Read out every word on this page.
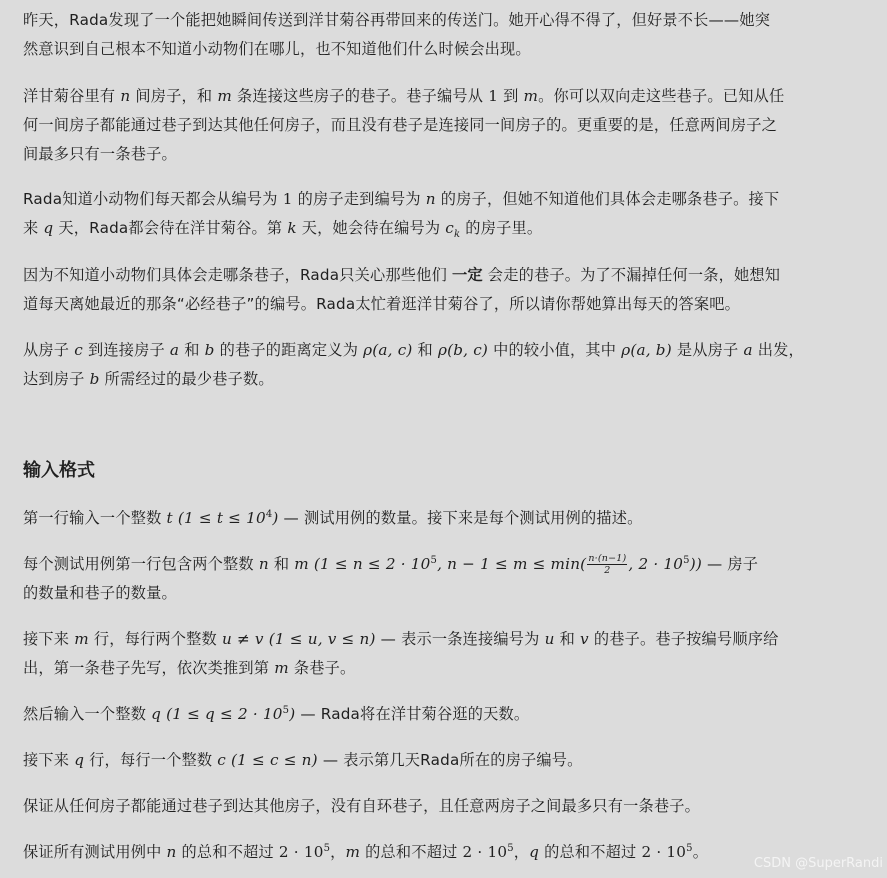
昨天，Rada发现了一个能把她瞬间传送到洋甘菊谷再带回来的传送门。她开心得不得了，但好景不长——她突

然意识到自己根本不知道小动物们在哪儿，也不知道他们什么时候会出现。

洋甘菊谷里有 n 间房子，和 m 条连接这些房子的巷子。巷子编号从 1 到 m。你可以双向走这些巷子。已知从任

何一间房子都能通过巷子到达其他任何房子，而且没有巷子是连接同一间房子的。更重要的是，任意两间房子之

间最多只有一条巷子。

Rada知道小动物们每天都会从编号为 1 的房子走到编号为 n 的房子，但她不知道他们具体会走哪条巷子。接下

来 q 天，Rada都会待在洋甘菊谷。第 k 天，她会待在编号为 $c_k$ 的房子里。

因为不知道小动物们具体会走哪条巷子，Rada只关心那些他们 一定 会走的巷子。为了不漏掉任何一条，她想知

道每天离她最近的那条“必经巷子”的编号。Rada太忙着逛洋甘菊谷了，所以请你帮她算出每天的答案吧。

从房子 c 到连接房子 a 和 b 的巷子的距离定义为 ρ(a, c) 和 ρ(b, c) 中的较小值，其中 ρ(a, b) 是从房子 a 出发，

达到房子 b 所需经过的最少巷子数。

输入格式

第一行输入一个整数 t $(1 \le t \le 10^4)$ — 测试用例的数量。接下来是每个测试用例的描述。

每个测试用例第一行包含两个整数 n 和 m ($1 \le n \le 2 \cdot 10^5$, $n - 1 \le m \le \min( \frac{n\cdot(n-1)}{2}$ , $2 \cdot 10^5$)) — 房子

的数量和巷子的数量。

接下来 m 行，每行两个整数 u ≠ v (1 ≤ u, v ≤ n) — 表示一条连接编号为 u 和 v 的巷子。巷子按编号顺序给

出，第一条巷子先写，依次类推到第 m 条巷子。

然后输入一个整数 q $(1 \le q \le 2 \cdot 10^5)$ — Rada将在洋甘菊谷逛的天数。

接下来 q 行，每行一个整数 c (1 ≤ c ≤ n) — 表示第几天Rada所在的房子编号。

保证从任何房子都能通过巷子到达其他房子，没有自环巷子，且任意两房子之间最多只有一条巷子。

保证所有测试用例中 n 的总和不超过 $2 \cdot 10^5$，m 的总和不超过 $2 \cdot 10^5$，q 的总和不超过 $2 \cdot 10^5$。

CSDN @SuperRandi
